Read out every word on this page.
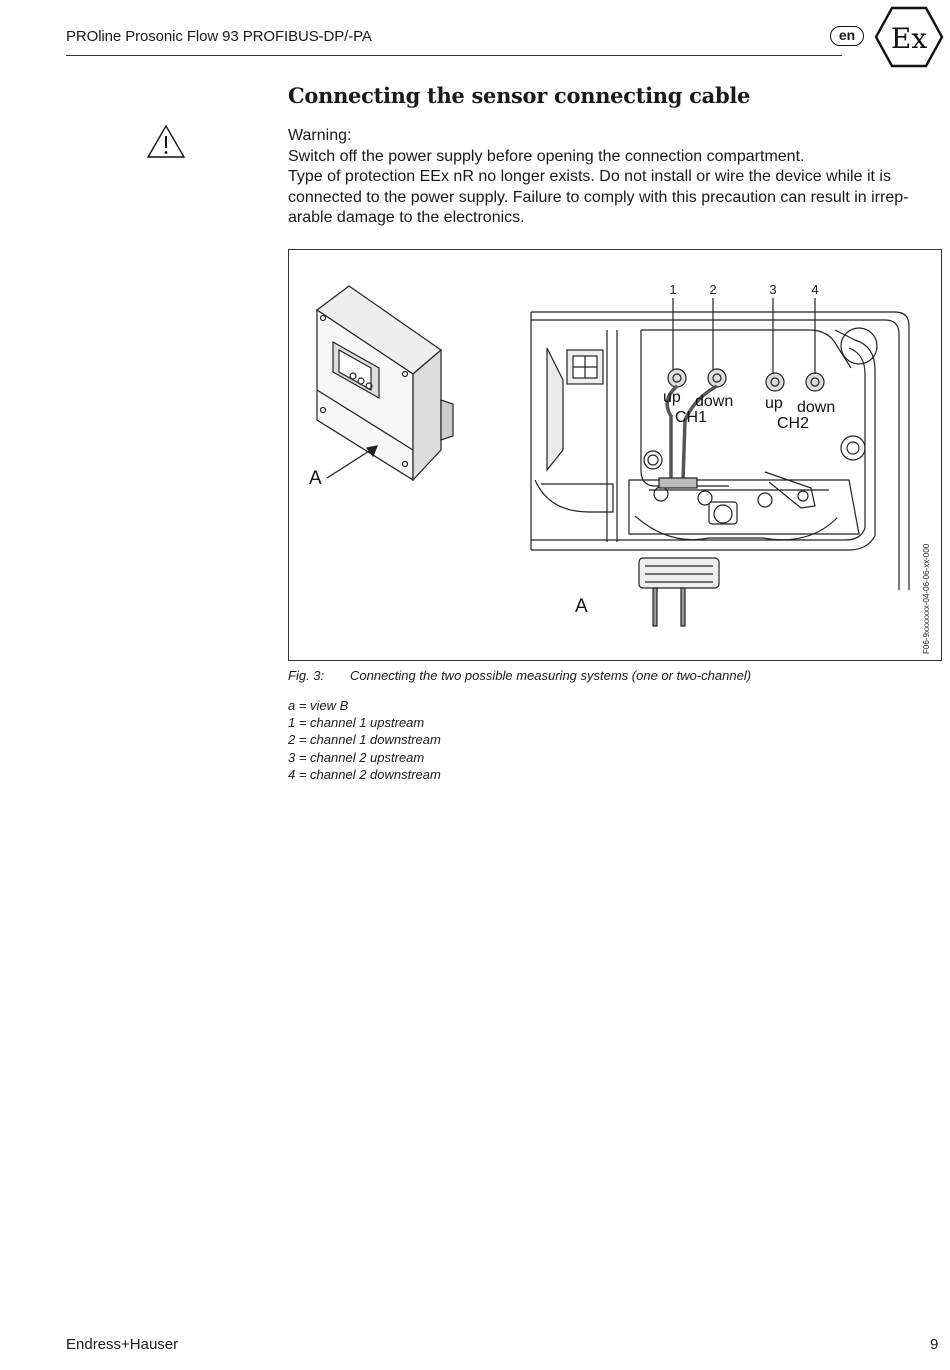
PROline Prosonic Flow 93 PROFIBUS-DP/-PA	en	Ex
Connecting the sensor connecting cable

Warning:

Switch off the power supply before opening the connection compartment.

Type of protection EEx nR no longer exists. Do not install or wire the device while it is

connected to the power supply. Failure to comply with this precaution can result in irrep-

arable damage to the electronics.

1	2	3	4
up down
CH1
up down
CH2
A
A	F06-9xxxxxxx-04-06-06-xx-000
Fig. 3: Connecting the two possible measuring systems (one or two-channel)
a = view B
1 = channel 1 upstream
2 = channel 1 downstream
3 = channel 2 upstream
4 = channel 2 downstream
Endress+Hauser	9
